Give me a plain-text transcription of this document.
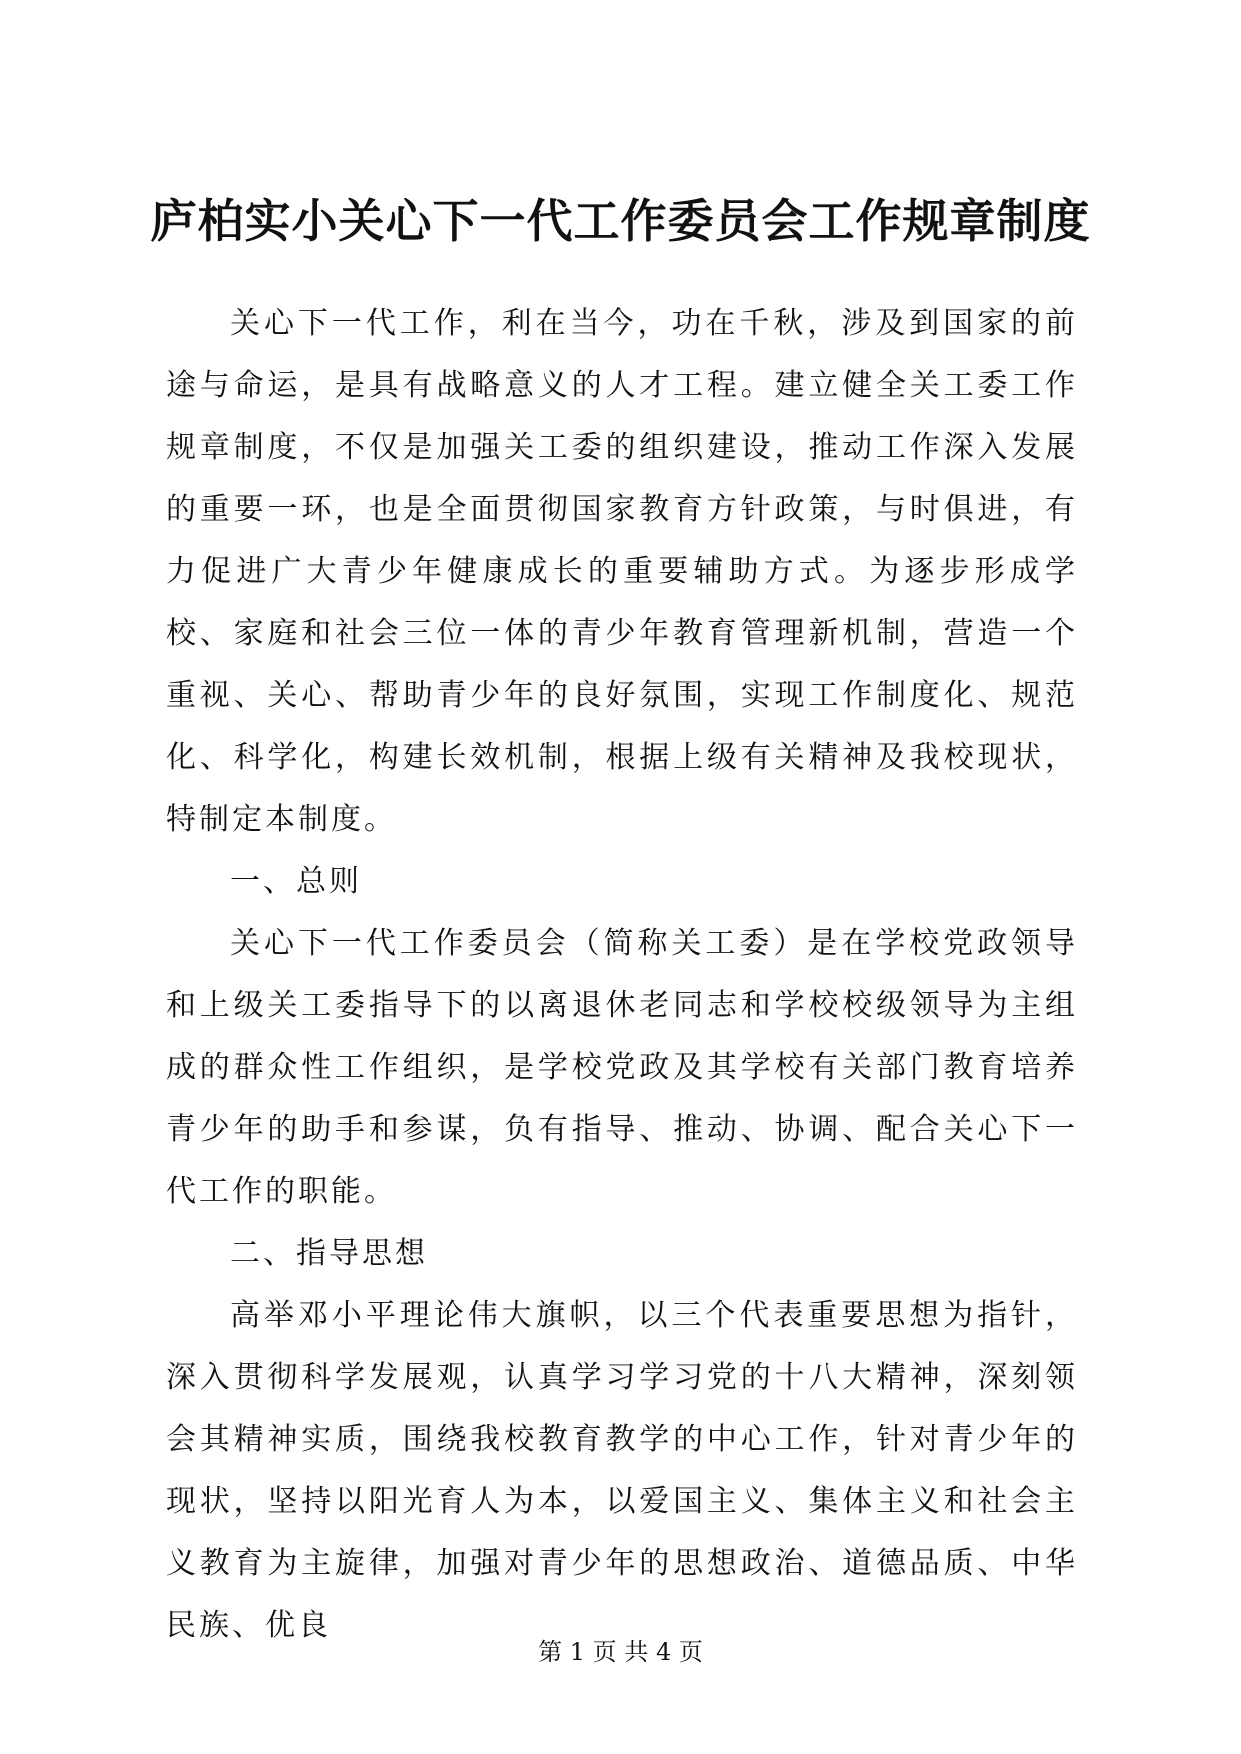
庐柏实小关心下一代工作委员会工作规章制度

关心下一代工作，利在当今，功在千秋，涉及到国家的前途与命运，是具有战略意义的人才工程。建立健全关工委工作规章制度，不仅是加强关工委的组织建设，推动工作深入发展的重要一环，也是全面贯彻国家教育方针政策，与时俱进，有力促进广大青少年健康成长的重要辅助方式。为逐步形成学校、家庭和社会三位一体的青少年教育管理新机制，营造一个重视、关心、帮助青少年的良好氛围，实现工作制度化、规范化、科学化，构建长效机制，根据上级有关精神及我校现状，特制定本制度。

一、总则

关心下一代工作委员会（简称关工委）是在学校党政领导和上级关工委指导下的以离退休老同志和学校校级领导为主组成的群众性工作组织，是学校党政及其学校有关部门教育培养青少年的助手和参谋，负有指导、推动、协调、配合关心下一代工作的职能。

二、指导思想

高举邓小平理论伟大旗帜，以三个代表重要思想为指针，深入贯彻科学发展观，认真学习学习党的十八大精神，深刻领会其精神实质，围绕我校教育教学的中心工作，针对青少年的现状，坚持以阳光育人为本，以爱国主义、集体主义和社会主义教育为主旋律，加强对青少年的思想政治、道德品质、中华民族、优良

第 1 页 共 4 页
